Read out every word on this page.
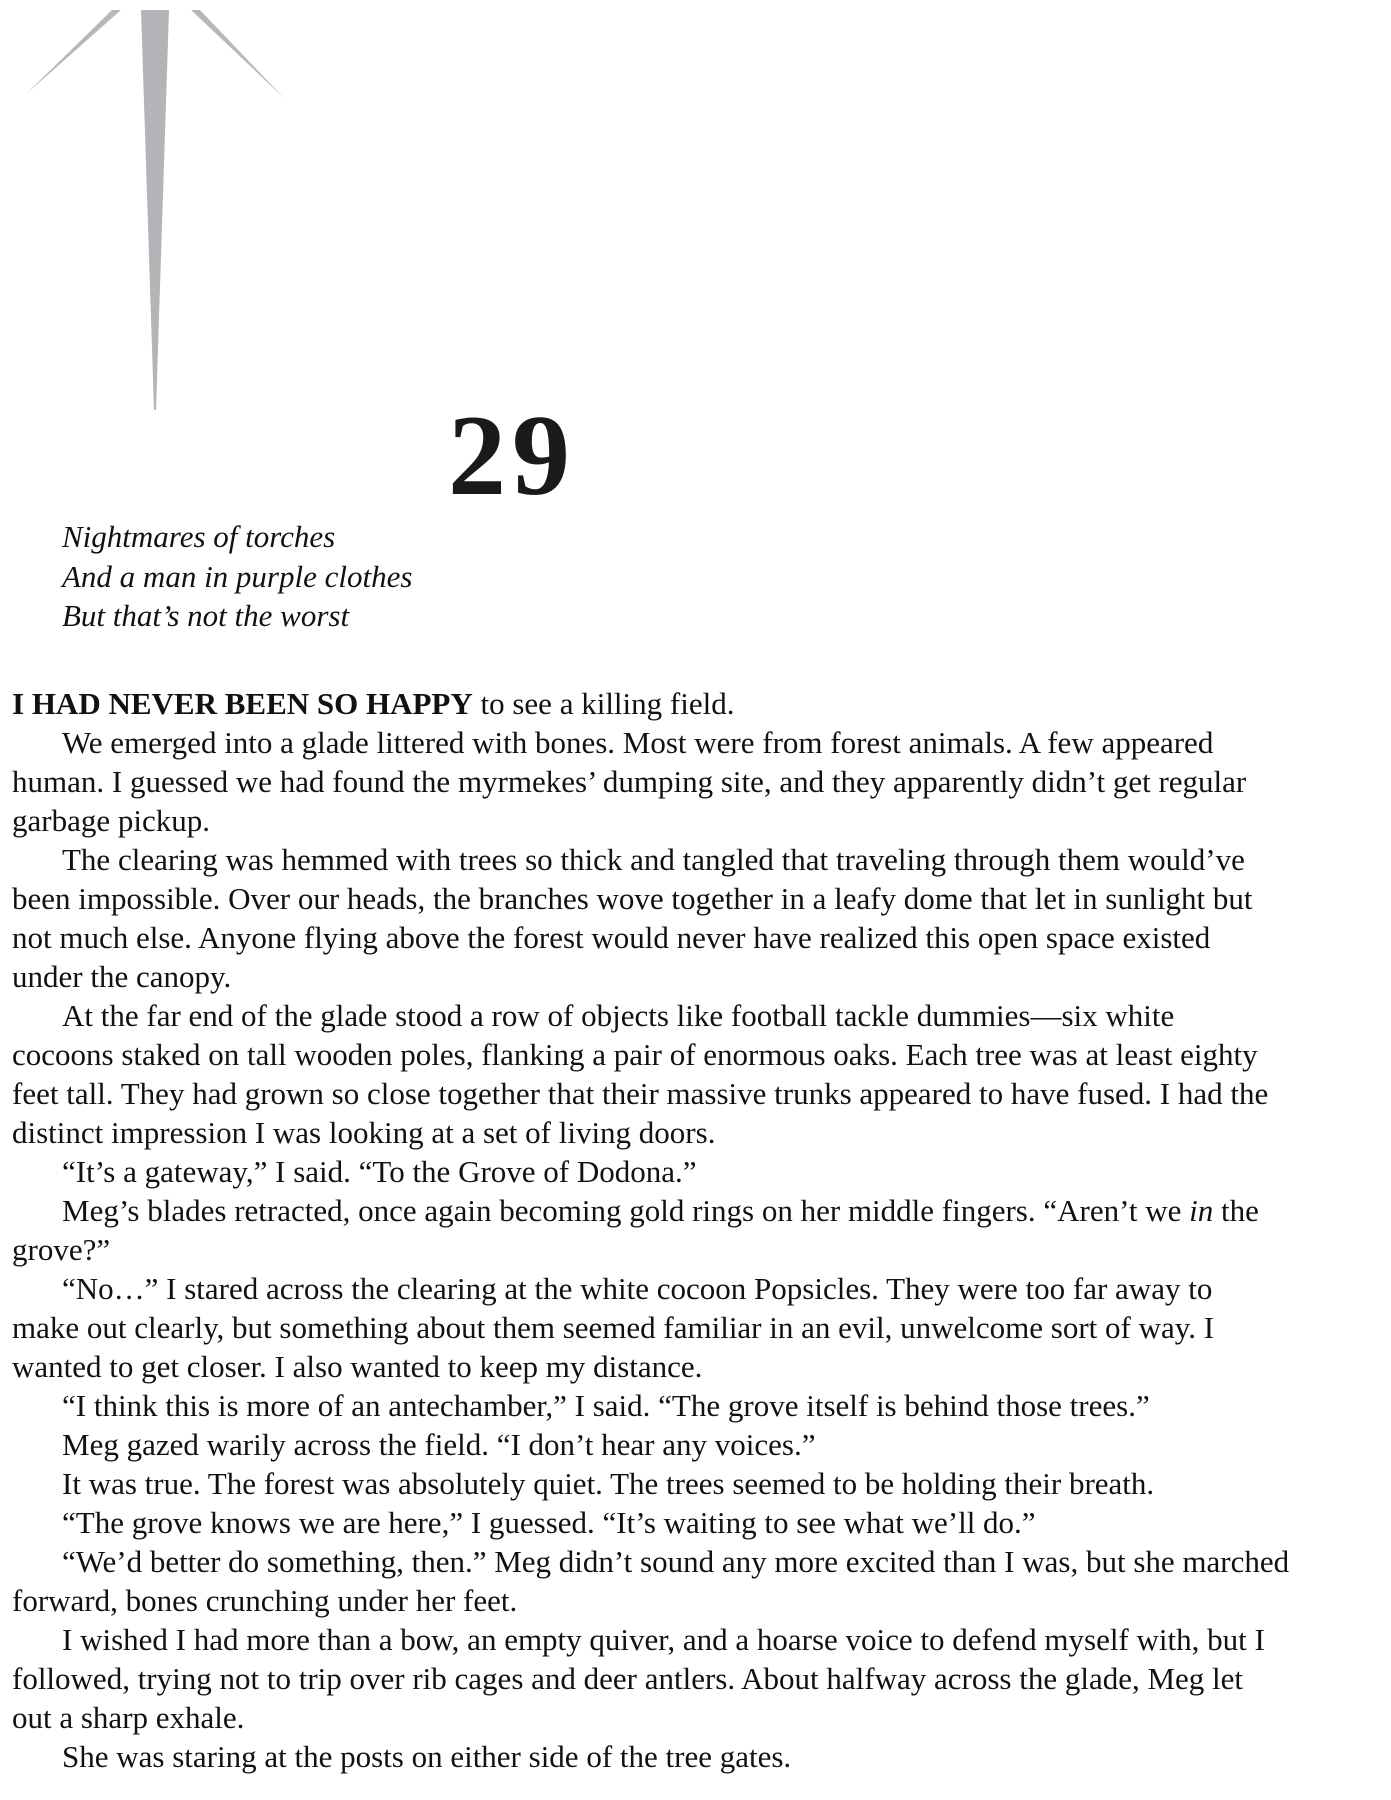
29
Nightmares of torches
And a man in purple clothes
But that’s not the worst
I HAD NEVER BEEN SO HAPPY to see a killing field.
We emerged into a glade littered with bones. Most were from forest animals. A few appeared
human. I guessed we had found the myrmekes’ dumping site, and they apparently didn’t get regular
garbage pickup.
The clearing was hemmed with trees so thick and tangled that traveling through them would’ve
been impossible. Over our heads, the branches wove together in a leafy dome that let in sunlight but
not much else. Anyone flying above the forest would never have realized this open space existed
under the canopy.
At the far end of the glade stood a row of objects like football tackle dummies—six white
cocoons staked on tall wooden poles, flanking a pair of enormous oaks. Each tree was at least eighty
feet tall. They had grown so close together that their massive trunks appeared to have fused. I had the
distinct impression I was looking at a set of living doors.
“It’s a gateway,” I said. “To the Grove of Dodona.”
Meg’s blades retracted, once again becoming gold rings on her middle fingers. “Aren’t we in the
grove?”
“No…” I stared across the clearing at the white cocoon Popsicles. They were too far away to
make out clearly, but something about them seemed familiar in an evil, unwelcome sort of way. I
wanted to get closer. I also wanted to keep my distance.
“I think this is more of an antechamber,” I said. “The grove itself is behind those trees.”
Meg gazed warily across the field. “I don’t hear any voices.”
It was true. The forest was absolutely quiet. The trees seemed to be holding their breath.
“The grove knows we are here,” I guessed. “It’s waiting to see what we’ll do.”
“We’d better do something, then.” Meg didn’t sound any more excited than I was, but she marched
forward, bones crunching under her feet.
I wished I had more than a bow, an empty quiver, and a hoarse voice to defend myself with, but I
followed, trying not to trip over rib cages and deer antlers. About halfway across the glade, Meg let
out a sharp exhale.
She was staring at the posts on either side of the tree gates.
